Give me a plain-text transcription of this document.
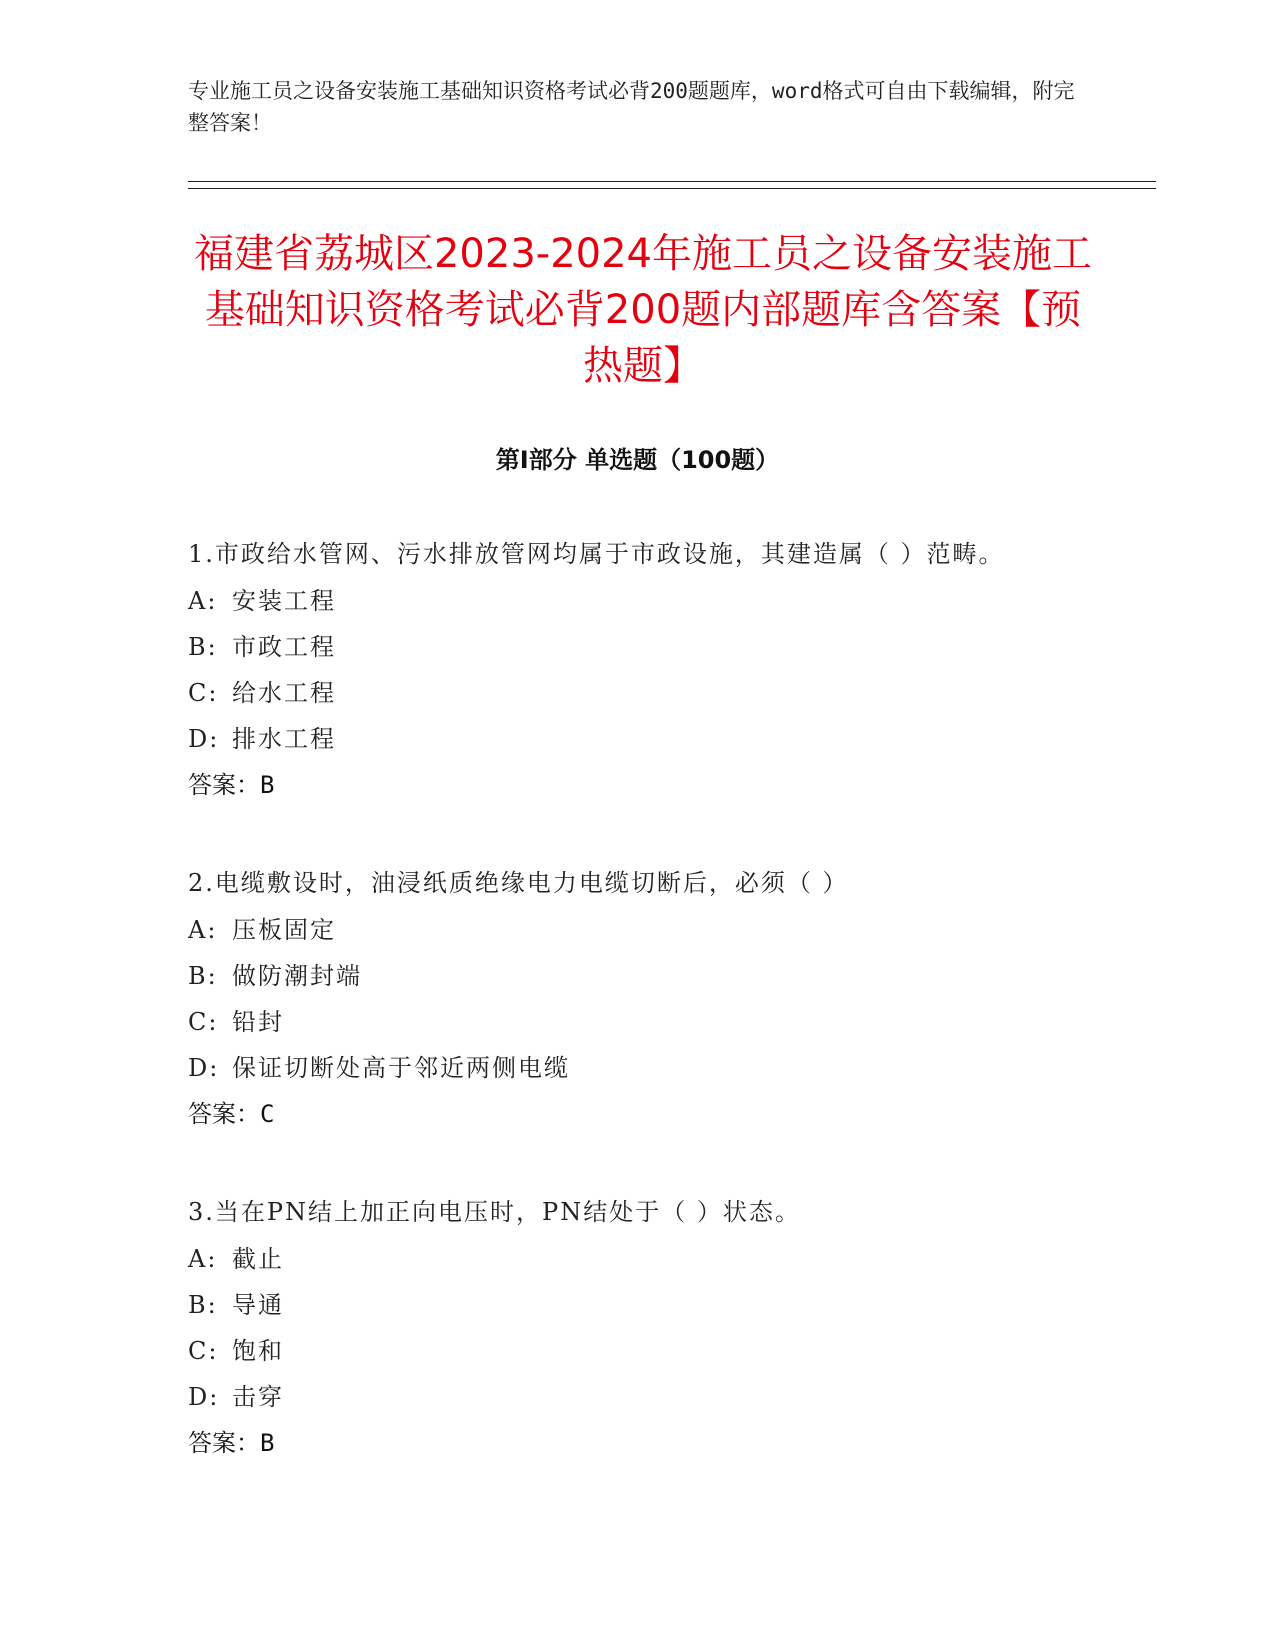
专业施工员之设备安装施工基础知识资格考试必背200题题库，word格式可自由下载编辑，附完整答案！
福建省荔城区2023-2024年施工员之设备安装施工基础知识资格考试必背200题内部题库含答案【预热题】
第Ⅰ部分 单选题（100题）

1.市政给水管网、污水排放管网均属于市政设施，其建造属（ ）范畴。

A: 安装工程
B: 市政工程
C: 给水工程
D: 排水工程
答案：B

2.电缆敷设时，油浸纸质绝缘电力电缆切断后，必须（ ）

A: 压板固定
B: 做防潮封端
C: 铅封
D: 保证切断处高于邻近两侧电缆
答案：C

3.当在PN结上加正向电压时，PN结处于（ ）状态。

A: 截止
B: 导通
C: 饱和
D: 击穿
答案：B
